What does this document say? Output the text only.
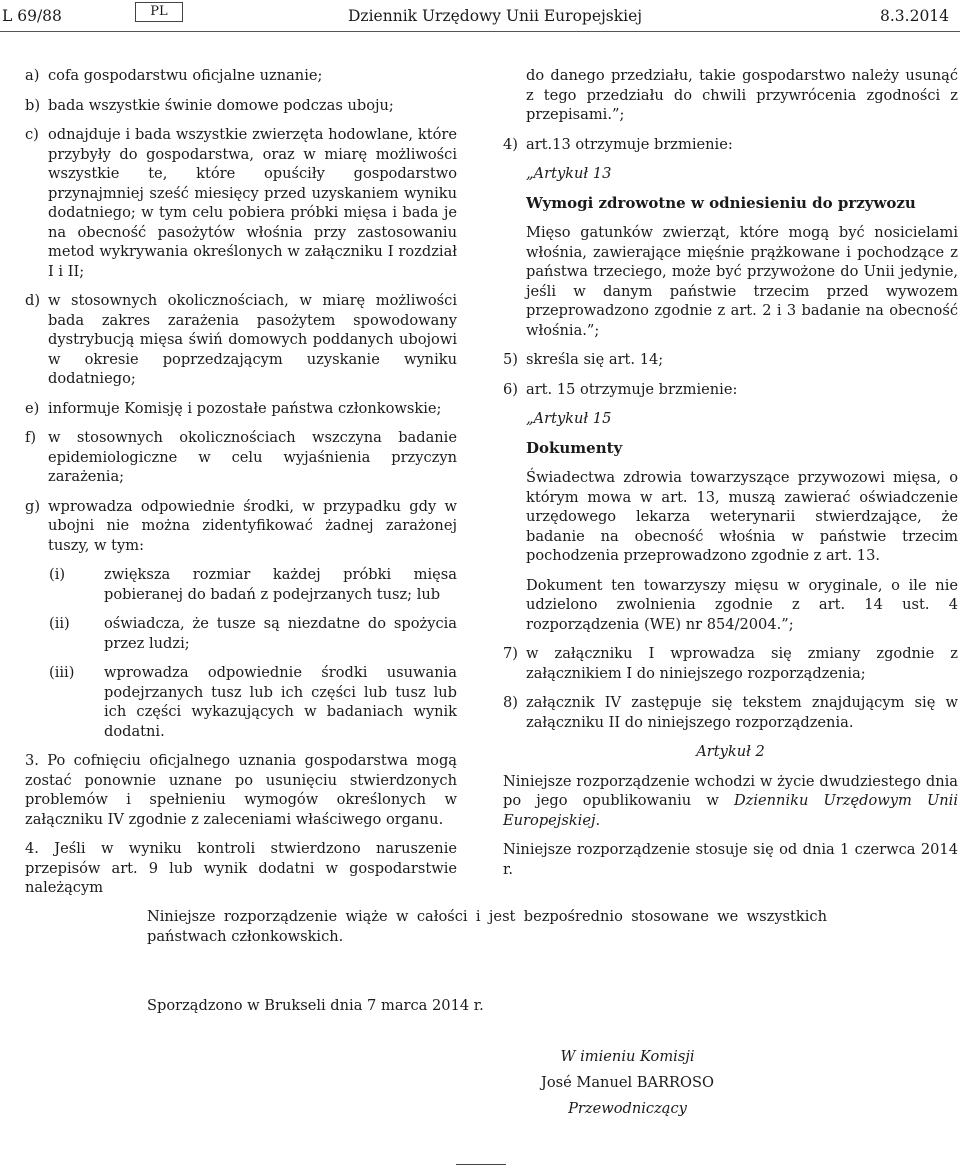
L 69/88	PL	Dziennik Urzędowy Unii Europejskiej	8.3.2014
a) cofa gospodarstwu oficjalne uznanie;

b) bada wszystkie świnie domowe podczas uboju;

c) odnajduje i bada wszystkie zwierzęta hodowlane, które przybyły do gospodarstwa, oraz w miarę możliwości wszystkie te, które opuściły gospodarstwo przynajmniej sześć miesięcy przed uzyskaniem wyniku dodatniego; w tym celu pobiera próbki mięsa i bada je na obecność pasożytów włośnia przy zastosowaniu metod wykrywania określonych w załączniku I rozdział I i II;

d) w stosownych okolicznościach, w miarę możliwości bada zakres zarażenia pasożytem spowodowany dystrybucją mięsa świń domowych poddanych ubojowi w okresie poprzedzającym uzyskanie wyniku dodatniego;

e) informuje Komisję i pozostałe państwa członkowskie;

f) w stosownych okolicznościach wszczyna badanie epidemiologiczne w celu wyjaśnienia przyczyn zarażenia;

g) wprowadza odpowiednie środki, w przypadku gdy w ubojni nie można zidentyfikować żadnej zarażonej tuszy, w tym:

(i)	zwiększa rozmiar każdej próbki mięsa pobieranej do badań z podejrzanych tusz; lub

(ii) oświadcza, że tusze są niezdatne do spożycia przez ludzi;

(iii) wprowadza odpowiednie środki usuwania podejrzanych tusz lub ich części lub tusz lub ich części wykazujących w badaniach wynik dodatni.

3. Po cofnięciu oficjalnego uznania gospodarstwa mogą zostać ponownie uznane po usunięciu stwierdzonych problemów i spełnieniu wymogów określonych w załączniku IV zgodnie z zaleceniami właściwego organu.

4. Jeśli w wyniku kontroli stwierdzono naruszenie przepisów art. 9 lub wynik dodatni w gospodarstwie należącym

do danego przedziału, takie gospodarstwo należy usunąć z tego przedziału do chwili przywrócenia zgodności z przepisami.”;

4) art.13 otrzymuje brzmienie:

„Artykuł 13

Wymogi zdrowotne w odniesieniu do przywozu

Mięso gatunków zwierząt, które mogą być nosicielami włośnia, zawierające mięśnie prążkowane i pochodzące z państwa trzeciego, może być przywożone do Unii jedynie, jeśli w danym państwie trzecim przed wywozem przeprowadzono zgodnie z art. 2 i 3 badanie na obecność włośnia.”;

5) skreśla się art. 14;

6) art. 15 otrzymuje brzmienie:

„Artykuł 15

Dokumenty

Świadectwa zdrowia towarzyszące przywozowi mięsa, o którym mowa w art. 13, muszą zawierać oświadczenie urzędowego lekarza weterynarii stwierdzające, że badanie na obecność włośnia w państwie trzecim pochodzenia przeprowadzono zgodnie z art. 13.

Dokument ten towarzyszy mięsu w oryginale, o ile nie udzielono zwolnienia zgodnie z art. 14 ust. 4 rozporządzenia (WE) nr 854/2004.”;

7) w załączniku I wprowadza się zmiany zgodnie z załącznikiem I do niniejszego rozporządzenia;

8) załącznik IV zastępuje się tekstem znajdującym się w załączniku II do niniejszego rozporządzenia.

Artykuł 2

Niniejsze rozporządzenie wchodzi w życie dwudziestego dnia po jego opublikowaniu w Dzienniku Urzędowym Unii Europejskiej.

Niniejsze rozporządzenie stosuje się od dnia 1 czerwca 2014 r.

Niniejsze rozporządzenie wiąże w całości i jest bezpośrednio stosowane we wszystkich państwach członkowskich.

Sporządzono w Brukseli dnia 7 marca 2014 r.

W imieniu Komisji
José Manuel BARROSO
Przewodniczący
